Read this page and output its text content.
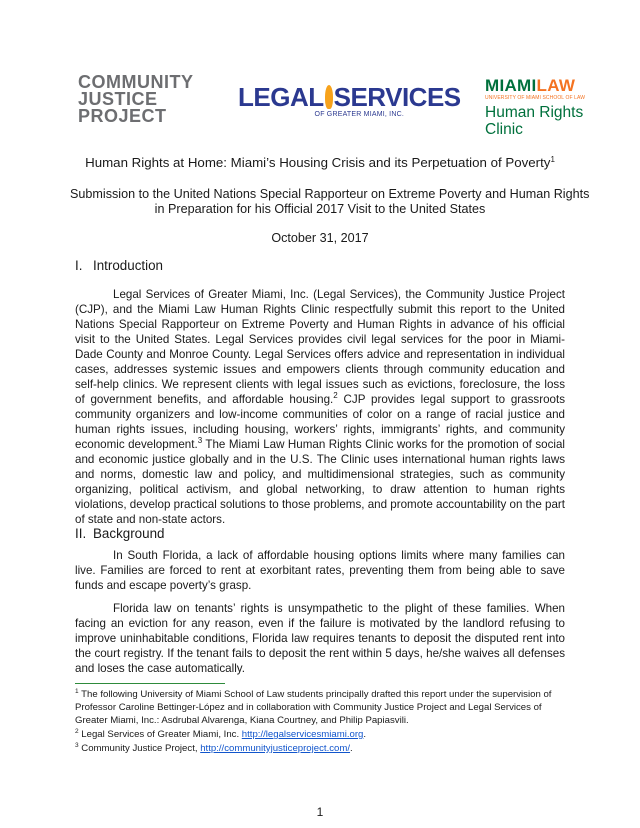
COMMUNITY
JUSTICE
PROJECT
LEGAL SERVICES
OF GREATER MIAMI, INC.
MIAMILAW
UNIVERSITY OF MIAMI SCHOOL OF LAW
Human Rights
Clinic
Human Rights at Home: Miami’s Housing Crisis and its Perpetuation of Poverty$^1$
Submission to the United Nations Special Rapporteur on Extreme Poverty and Human Rights
in Preparation for his Official 2017 Visit to the United States
October 31, 2017
I. Introduction

Legal Services of Greater Miami, Inc. (Legal Services), the Community Justice Project (CJP), and the Miami Law Human Rights Clinic respectfully submit this report to the United Nations Special Rapporteur on Extreme Poverty and Human Rights in advance of his official visit to the United States. Legal Services provides civil legal services for the poor in Miami-Dade County and Monroe County. Legal Services offers advice and representation in individual cases, addresses systemic issues and empowers clients through community education and self-help clinics. We represent clients with legal issues such as evictions, foreclosure, the loss of government benefits, and affordable housing.$^2$ CJP provides legal support to grassroots community organizers and low-income communities of color on a range of racial justice and human rights issues, including housing, workers’ rights, immigrants’ rights, and community economic development.$^3$ The Miami Law Human Rights Clinic works for the promotion of social and economic justice globally and in the U.S. The Clinic uses international human rights laws and norms, domestic law and policy, and multidimensional strategies, such as community organizing, political activism, and global networking, to draw attention to human rights violations, develop practical solutions to those problems, and promote accountability on the part of state and non-state actors.

II. Background

In South Florida, a lack of affordable housing options limits where many families can live. Families are forced to rent at exorbitant rates, preventing them from being able to save funds and escape poverty’s grasp.

Florida law on tenants’ rights is unsympathetic to the plight of these families. When facing an eviction for any reason, even if the failure is motivated by the landlord refusing to improve uninhabitable conditions, Florida law requires tenants to deposit the disputed rent into the court registry. If the tenant fails to deposit the rent within 5 days, he/she waives all defenses and loses the case automatically.

$^1$ The following University of Miami School of Law students principally drafted this report under the supervision of Professor Caroline Bettinger-López and in collaboration with Community Justice Project and Legal Services of Greater Miami, Inc.: Asdrubal Alvarenga, Kiana Courtney, and Philip Papiasvili.

$^2$ Legal Services of Greater Miami, Inc. http://legalservicesmiami.org.

$^3$ Community Justice Project, http://communityjusticeproject.com/.

1
